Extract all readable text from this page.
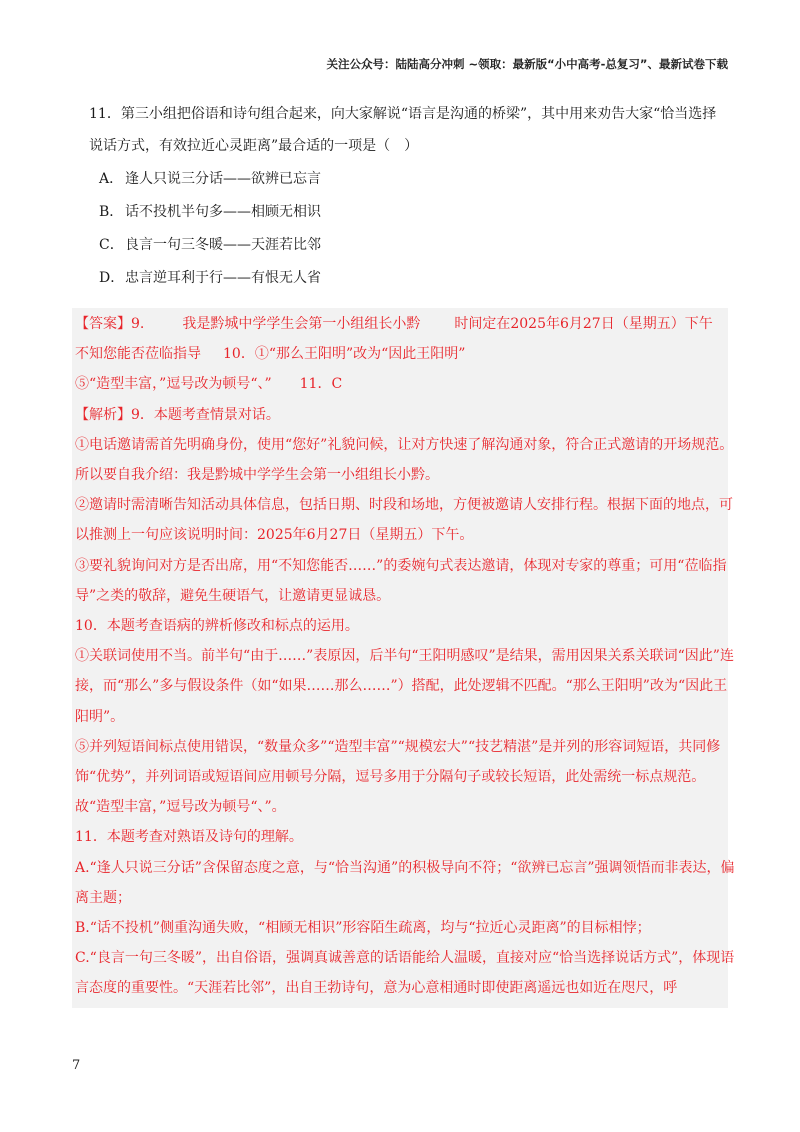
关注公众号：陆陆高分冲刺 ~领取：最新版“小中高考-总复习”、最新试卷下载
11．第三小组把俗语和诗句组合起来，向大家解说“语言是沟通的桥梁”，其中用来劝告大家“恰当选择说话方式，有效拉近心灵距离”最合适的一项是（　）
A． 逢人只说三分话——欲辨已忘言
B． 话不投机半句多——相顾无相识
C．良言一句三冬暖——天涯若比邻
D．忠言逆耳利于行——有恨无人省

【答案】9.	我是黔城中学学生会第一小组组长小黔 时间定在2025年6月27日（星期五）下午

不知您能否莅临指导 10．①“那么王阳明”改为“因此王阳明”

⑤“造型丰富，”逗号改为顿号“、” 11．C

【解析】9．本题考查情景对话。

①电话邀请需首先明确身份，使用“您好”礼貌问候，让对方快速了解沟通对象，符合正式邀请的开场规范。所以要自我介绍：我是黔城中学学生会第一小组组长小黔。

②邀请时需清晰告知活动具体信息，包括日期、时段和场地，方便被邀请人安排行程。根据下面的地点，可以推测上一句应该说明时间：2025年6月27日（星期五）下午。

③要礼貌询问对方是否出席，用“不知您能否……”的委婉句式表达邀请，体现对专家的尊重；可用“莅临指导”之类的敬辞，避免生硬语气，让邀请更显诚恳。

10．本题考查语病的辨析修改和标点的运用。

①关联词使用不当。前半句“由于……”表原因，后半句“王阳明感叹”是结果，需用因果关系关联词“因此”连接，而“那么”多与假设条件（如“如果……那么……”）搭配，此处逻辑不匹配。“那么王阳明”改为“因此王阳明”。

⑤并列短语间标点使用错误，“数量众多”“造型丰富”“规模宏大”“技艺精湛”是并列的形容词短语，共同修饰“优势”，并列词语或短语间应用顿号分隔，逗号多用于分隔句子或较长短语，此处需统一标点规范。故“造型丰富，”逗号改为顿号“、”。

11．本题考查对熟语及诗句的理解。

A.“逢人只说三分话”含保留态度之意，与“恰当沟通”的积极导向不符；“欲辨已忘言”强调领悟而非表达，偏离主题；

B.“话不投机”侧重沟通失败，“相顾无相识”形容陌生疏离，均与“拉近心灵距离”的目标相悖；

C.“良言一句三冬暖”，出自俗语，强调真诚善意的话语能给人温暖，直接对应“恰当选择说话方式”，体现语言态度的重要性。“天涯若比邻”，出自王勃诗句，意为心意相通时即使距离遥远也如近在咫尺，呼

7
